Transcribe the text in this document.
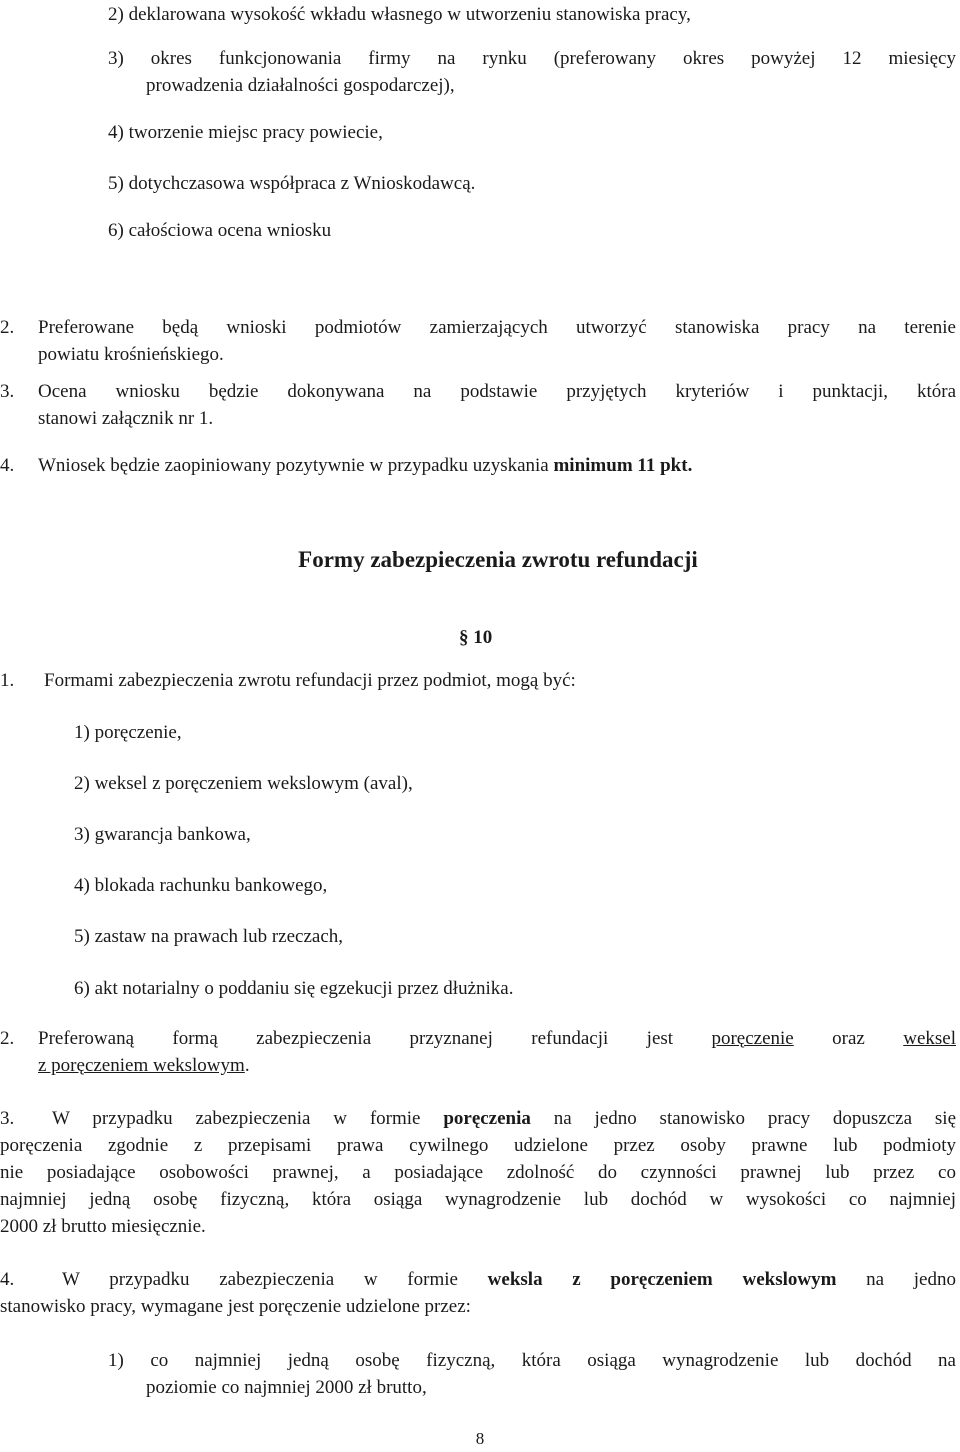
2) deklarowana wysokość wkładu własnego w utworzeniu stanowiska pracy,

3) okres funkcjonowania firmy na rynku (preferowany okres powyżej 12 miesięcy

prowadzenia działalności gospodarczej),

4) tworzenie miejsc pracy powiecie,

5) dotychczasowa współpraca z Wnioskodawcą.

6) całościowa ocena wniosku

2. Preferowane będą wnioski podmiotów zamierzających utworzyć stanowiska pracy na terenie

powiatu krośnieńskiego.

3. Ocena wniosku będzie dokonywana na podstawie przyjętych kryteriów i punktacji, która

stanowi załącznik nr 1.

4. Wniosek będzie zaopiniowany pozytywnie w przypadku uzyskania minimum 11 pkt.

Formy zabezpieczenia zwrotu refundacji

§ 10

1. Formami zabezpieczenia zwrotu refundacji przez podmiot, mogą być:

1) poręczenie,

2) weksel z poręczeniem wekslowym (aval),

3) gwarancja bankowa,

4) blokada rachunku bankowego,

5) zastaw na prawach lub rzeczach,

6) akt notarialny o poddaniu się egzekucji przez dłużnika.

2. Preferowaną formą zabezpieczenia przyznanej refundacji jest poręczenie oraz weksel

z poręczeniem wekslowym.

3. W przypadku zabezpieczenia w formie poręczenia na jedno stanowisko pracy dopuszcza się

poręczenia zgodnie z przepisami prawa cywilnego udzielone przez osoby prawne lub podmioty

nie posiadające osobowości prawnej, a posiadające zdolność do czynności prawnej lub przez co

najmniej jedną osobę fizyczną, która osiąga wynagrodzenie lub dochód w wysokości co najmniej

2000 zł brutto miesięcznie.

4.	W przypadku zabezpieczenia w formie weksla z poręczeniem wekslowym na jedno

stanowisko pracy, wymagane jest poręczenie udzielone przez:

1) co najmniej jedną osobę fizyczną, która osiąga wynagrodzenie lub dochód na

poziomie co najmniej 2000 zł brutto,

8
